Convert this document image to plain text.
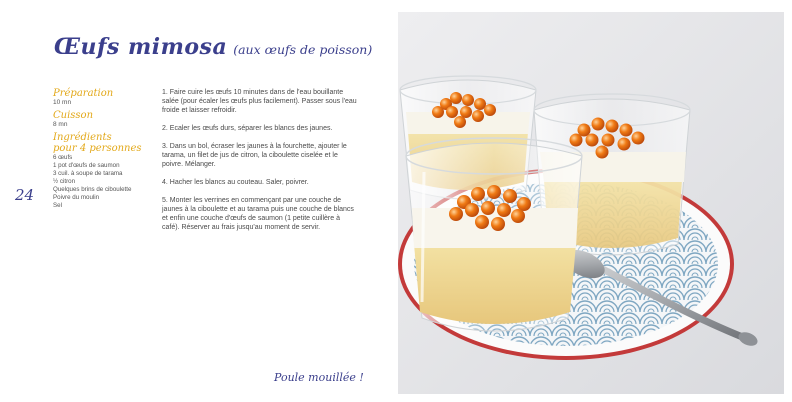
Œufs mimosa (aux œufs de poisson)
Préparation
10 mn
Cuisson
8 mn
Ingrédients
pour 4 personnes
6 œufs
1 pot d'œufs de saumon
3 cuil. à soupe de tarama
½ citron
Quelques brins de ciboulette
Poivre du moulin
Sel
24

1. Faire cuire les œufs 10 minutes dans de l'eau bouillante salée (pour écaler les œufs plus facilement). Passer sous l'eau froide et laisser refroidir.

2. Ecaler les œufs durs, séparer les blancs des jaunes.

3. Dans un bol, écraser les jaunes à la fourchette, ajouter le tarama, un filet de jus de citron, la ciboulette ciselée et le poivre. Mélanger.

4. Hacher les blancs au couteau. Saler, poivrer.

5. Monter les verrines en commençant par une couche de jaunes à la ciboulette et au tarama puis une couche de blancs et enfin une couche d'œufs de saumon (1 petite cuillère à café). Réserver au frais jusqu'au moment de servir.

Poule mouillée !
